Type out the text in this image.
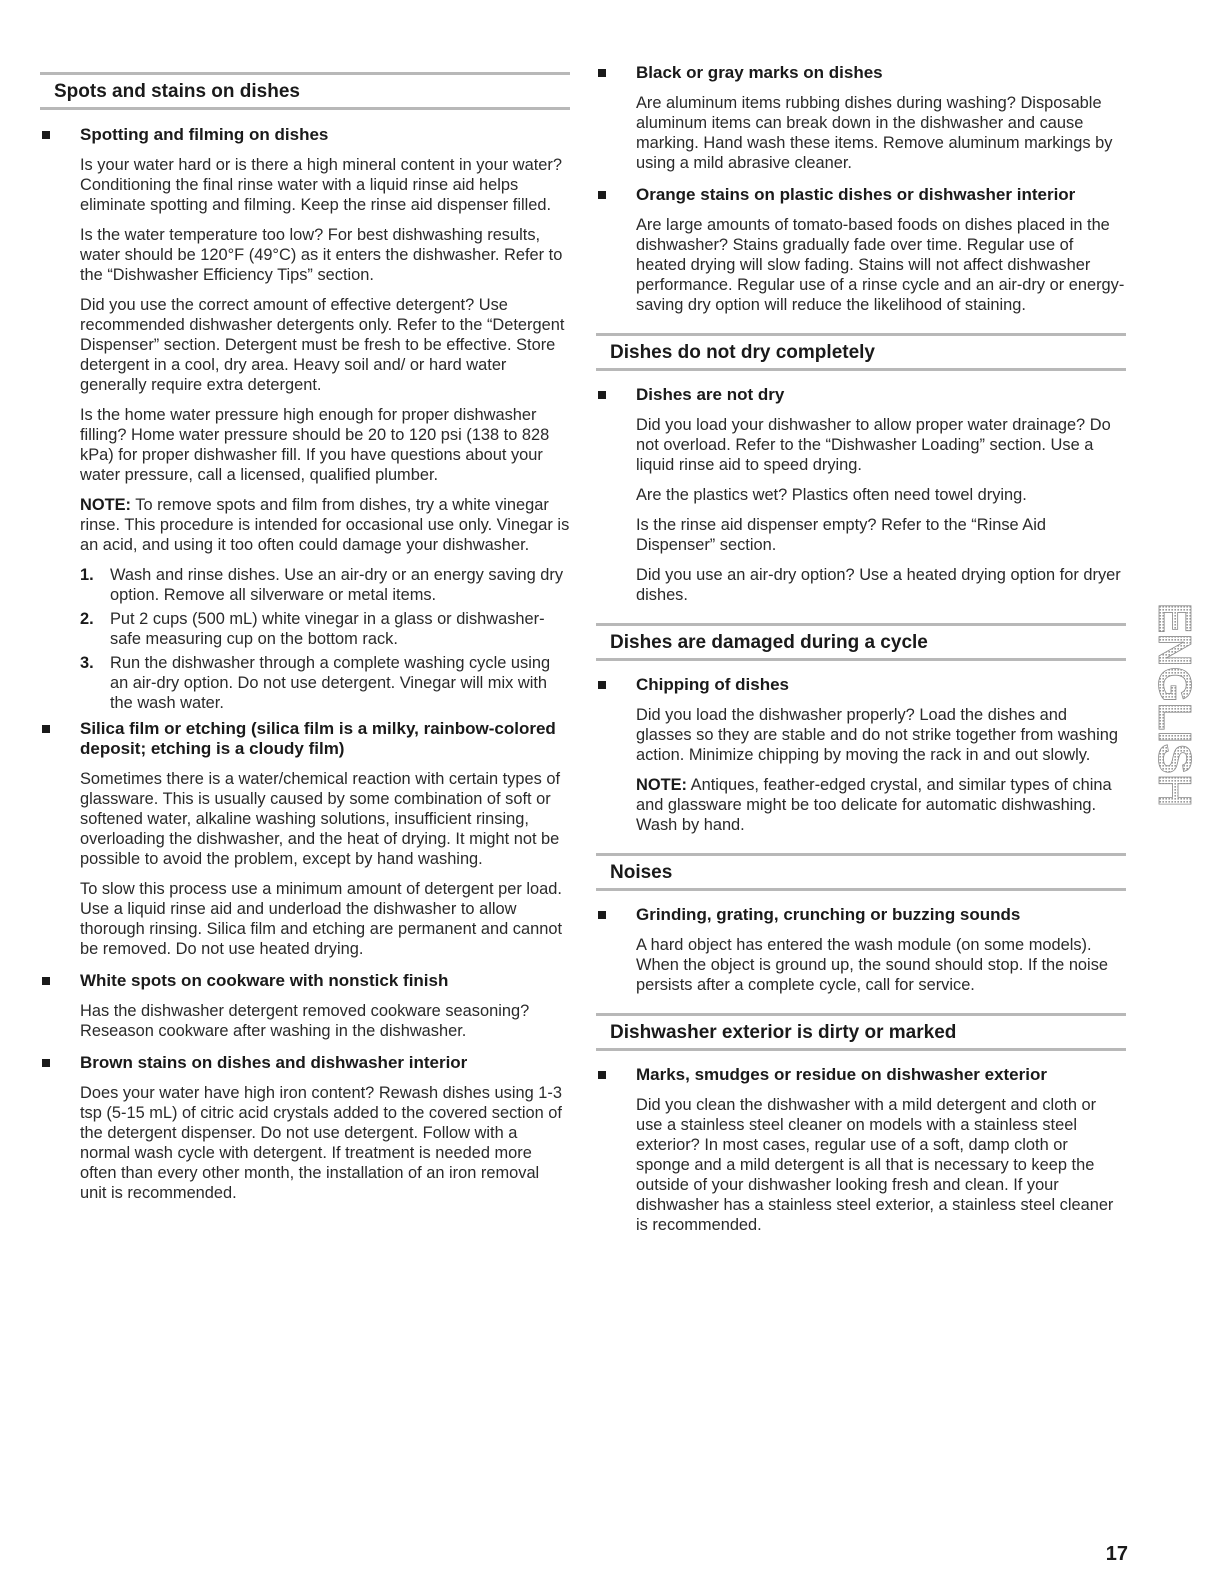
Spots and stains on dishes
Spotting and filming on dishes

Is your water hard or is there a high mineral content in your water? Conditioning the final rinse water with a liquid rinse aid helps eliminate spotting and filming. Keep the rinse aid dispenser filled.

Is the water temperature too low? For best dishwashing results, water should be 120°F (49°C) as it enters the dishwasher. Refer to the “Dishwasher Efficiency Tips” section.

Did you use the correct amount of effective detergent? Use recommended dishwasher detergents only. Refer to the “Detergent Dispenser” section. Detergent must be fresh to be effective. Store detergent in a cool, dry area. Heavy soil and/ or hard water generally require extra detergent.

Is the home water pressure high enough for proper dishwasher filling? Home water pressure should be 20 to 120 psi (138 to 828 kPa) for proper dishwasher fill. If you have questions about your water pressure, call a licensed, qualified plumber.

NOTE: To remove spots and film from dishes, try a white vinegar rinse. This procedure is intended for occasional use only. Vinegar is an acid, and using it too often could damage your dishwasher.

1. Wash and rinse dishes. Use an air-dry or an energy saving dry option. Remove all silverware or metal items.
2. Put 2 cups (500 mL) white vinegar in a glass or dishwasher-safe measuring cup on the bottom rack.
3. Run the dishwasher through a complete washing cycle using an air-dry option. Do not use detergent. Vinegar will mix with the wash water.
Silica film or etching (silica film is a milky, rainbow-colored deposit; etching is a cloudy film)

Sometimes there is a water/chemical reaction with certain types of glassware. This is usually caused by some combination of soft or softened water, alkaline washing solutions, insufficient rinsing, overloading the dishwasher, and the heat of drying. It might not be possible to avoid the problem, except by hand washing.

To slow this process use a minimum amount of detergent per load. Use a liquid rinse aid and underload the dishwasher to allow thorough rinsing. Silica film and etching are permanent and cannot be removed. Do not use heated drying.

White spots on cookware with nonstick finish

Has the dishwasher detergent removed cookware seasoning? Reseason cookware after washing in the dishwasher.

Brown stains on dishes and dishwasher interior

Does your water have high iron content? Rewash dishes using 1-3 tsp (5-15 mL) of citric acid crystals added to the covered section of the detergent dispenser. Do not use detergent. Follow with a normal wash cycle with detergent. If treatment is needed more often than every other month, the installation of an iron removal unit is recommended.

Black or gray marks on dishes

Are aluminum items rubbing dishes during washing? Disposable aluminum items can break down in the dishwasher and cause marking. Hand wash these items. Remove aluminum markings by using a mild abrasive cleaner.

Orange stains on plastic dishes or dishwasher interior

Are large amounts of tomato-based foods on dishes placed in the dishwasher? Stains gradually fade over time. Regular use of heated drying will slow fading. Stains will not affect dishwasher performance. Regular use of a rinse cycle and an air-dry or energy-saving dry option will reduce the likelihood of staining.

Dishes do not dry completely
Dishes are not dry

Did you load your dishwasher to allow proper water drainage? Do not overload. Refer to the “Dishwasher Loading” section. Use a liquid rinse aid to speed drying.

Are the plastics wet? Plastics often need towel drying.

Is the rinse aid dispenser empty? Refer to the “Rinse Aid Dispenser” section.

Did you use an air-dry option? Use a heated drying option for dryer dishes.

Dishes are damaged during a cycle
Chipping of dishes

Did you load the dishwasher properly? Load the dishes and glasses so they are stable and do not strike together from washing action. Minimize chipping by moving the rack in and out slowly.

NOTE: Antiques, feather-edged crystal, and similar types of china and glassware might be too delicate for automatic dishwashing. Wash by hand.

Noises
Grinding, grating, crunching or buzzing sounds

A hard object has entered the wash module (on some models). When the object is ground up, the sound should stop. If the noise persists after a complete cycle, call for service.

Dishwasher exterior is dirty or marked
Marks, smudges or residue on dishwasher exterior

Did you clean the dishwasher with a mild detergent and cloth or use a stainless steel cleaner on models with a stainless steel exterior? In most cases, regular use of a soft, damp cloth or sponge and a mild detergent is all that is necessary to keep the outside of your dishwasher looking fresh and clean. If your dishwasher has a stainless steel exterior, a stainless steel cleaner is recommended.

ENGLISH
17
